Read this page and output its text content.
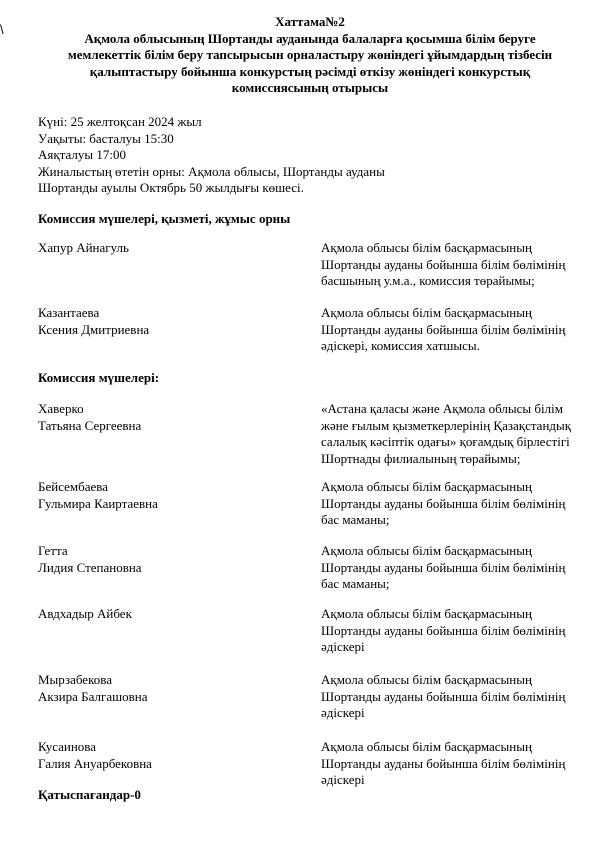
\
Хаттама№2
Ақмола облысының Шортанды ауданында балаларға қосымша білім беруге
мемлекеттік білім беру тапсырысын орналастыру жөніндегі ұйымдардың тізбесін
қалыптастыру бойынша конкурстың рәсімді өткізу жөніндегі конкурстық
комиссиясының отырысы
Күні: 25 желтоқсан 2024 жыл
Уақыты: басталуы 15:30
Аяқталуы 17:00
Жиналыстың өтетін орны: Ақмола облысы, Шортанды ауданы
Шортанды ауылы Октябрь 50 жылдығы көшесі.
Комиссия мүшелері, қызметі, жұмыс орны
Хапур Айнагуль	Ақмола облысы білім басқармасының
Шортанды ауданы бойынша білім бөлімінің
басшының у.м.а., комиссия төрайымы;
Казантаева
Ксения Дмитриевна
Ақмола облысы білім басқармасының
Шортанды ауданы бойынша білім бөлімінің
әдіскері, комиссия хатшысы.
Комиссия мүшелері:
Хаверко
Татьяна Сергеевна
«Астана қаласы және Ақмола облысы білім
және ғылым қызметкерлерінің Қазақстандық
салалық кәсіптік одағы» қоғамдық бірлестігі
Шортнады филиалының төрайымы;
Бейсембаева
Гульмира Каиртаевна
Ақмола облысы білім басқармасының
Шортанды ауданы бойынша білім бөлімінің
бас маманы;
Гетта
Лидия Степановна
Ақмола облысы білім басқармасының
Шортанды ауданы бойынша білім бөлімінің
бас маманы;
Авдхадыр Айбек	Ақмола облысы білім басқармасының
Шортанды ауданы бойынша білім бөлімінің
әдіскері
Мырзабекова
Акзира Балгашовна
Ақмола облысы білім басқармасының
Шортанды ауданы бойынша білім бөлімінің
әдіскері
Кусаинова
Галия Ануарбековна
Ақмола облысы білім басқармасының
Шортанды ауданы бойынша білім бөлімінің
әдіскері
Қатыспағандар-0
